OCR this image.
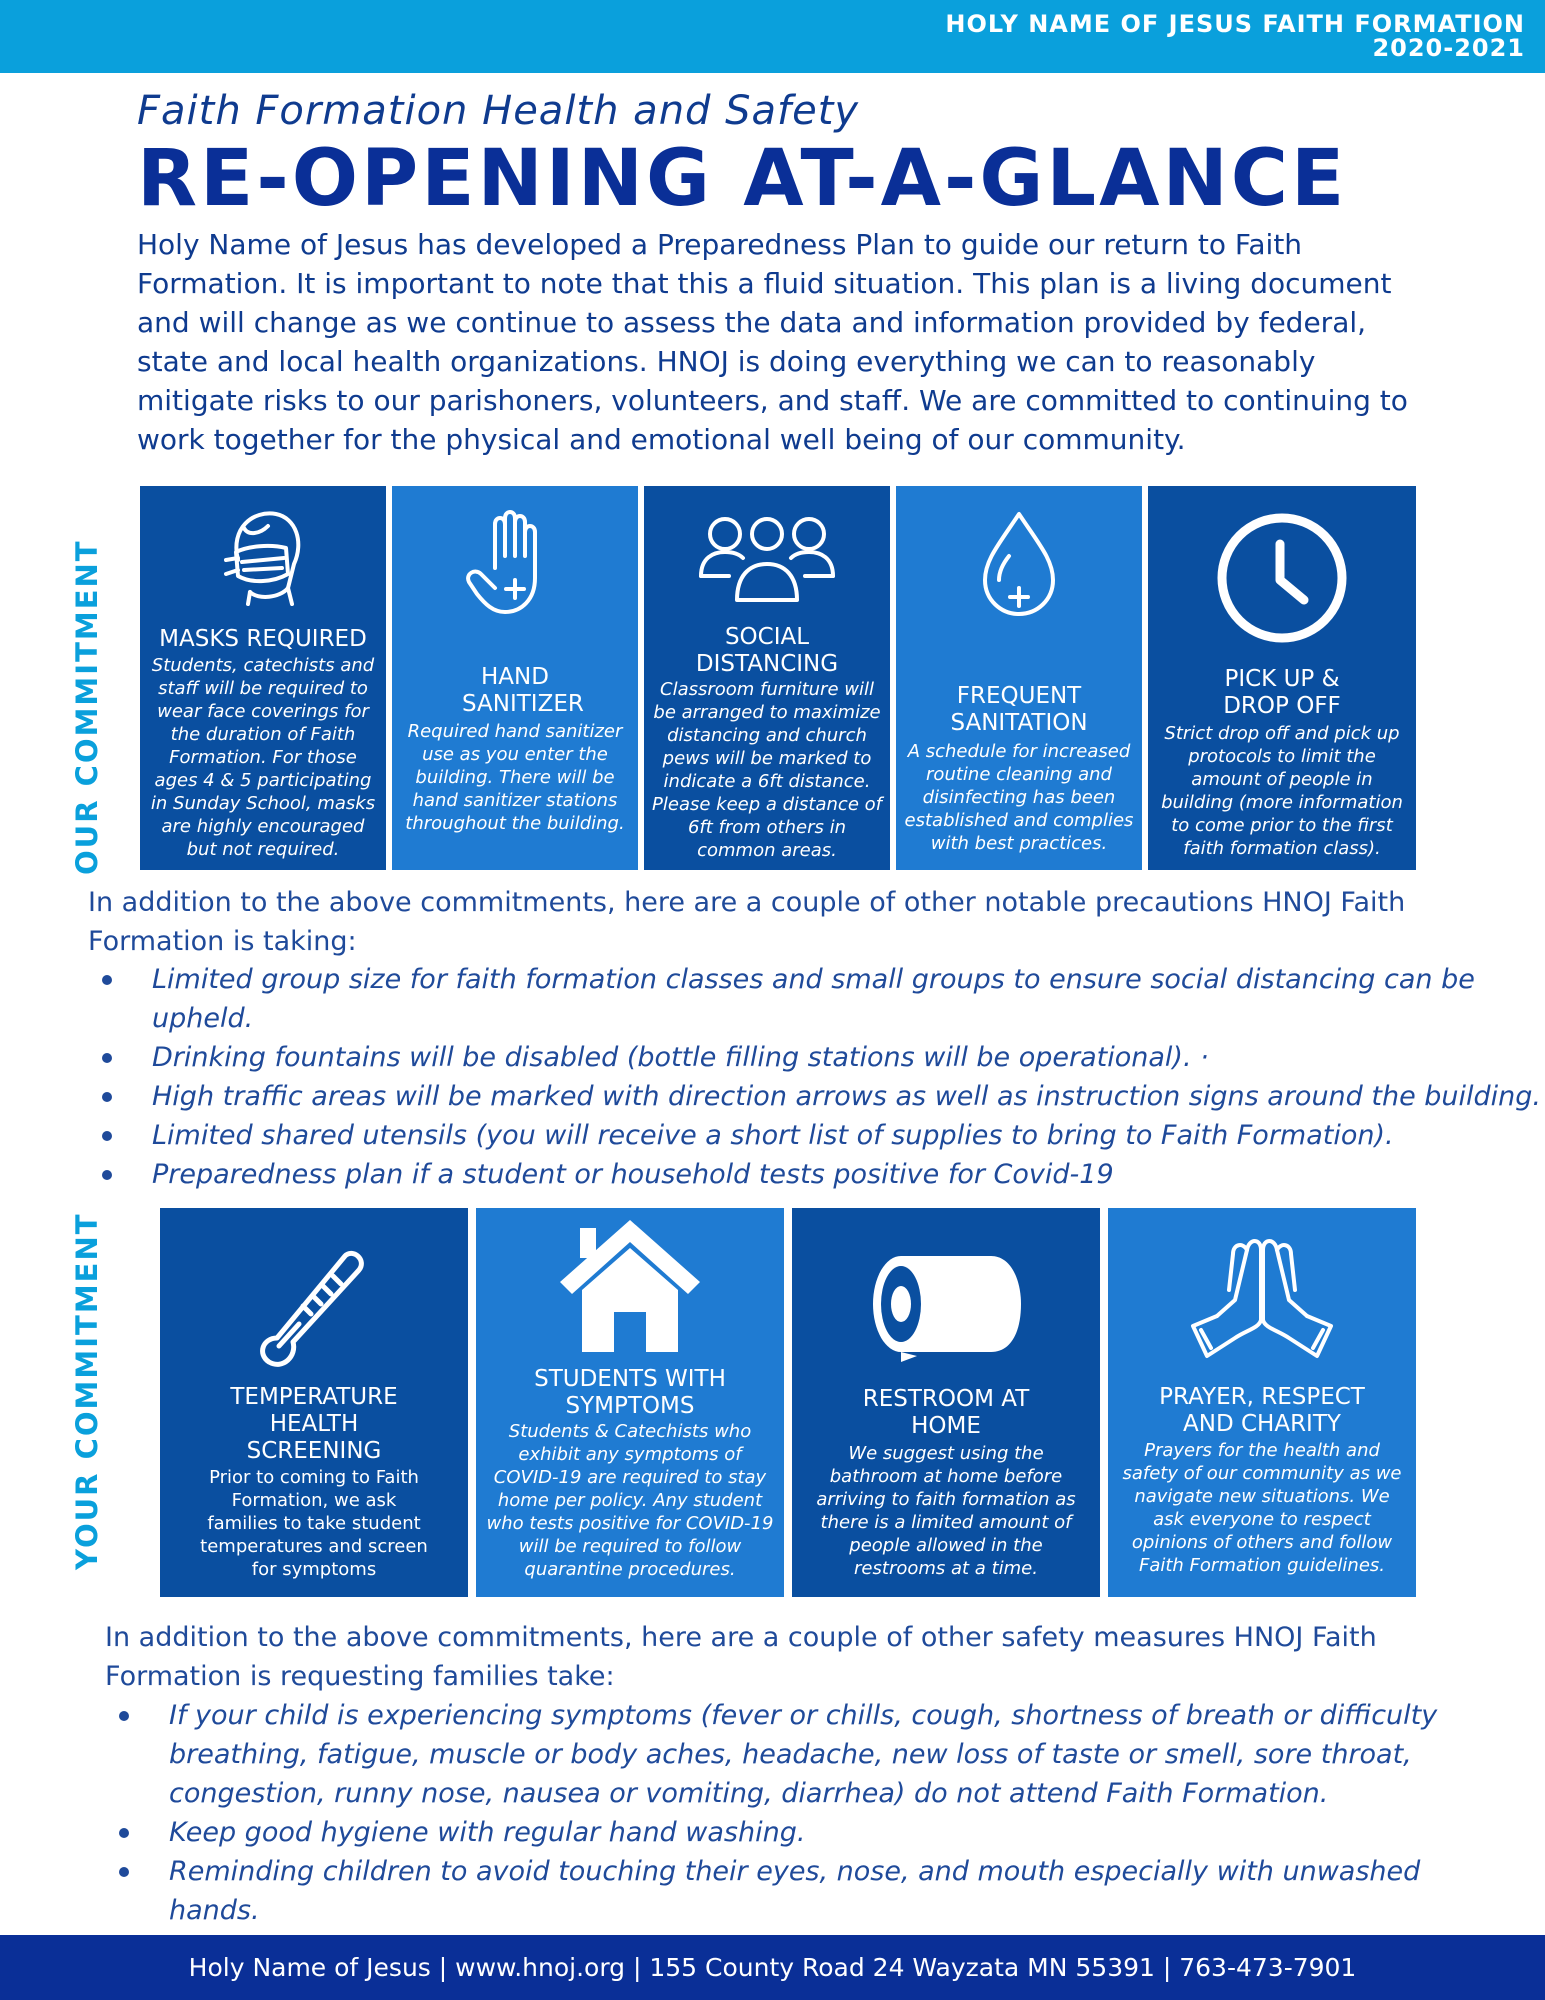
HOLY NAME OF JESUS FAITH FORMATION
2020-2021
Faith Formation Health and Safety
RE-OPENING AT-A-GLANCE
Holy Name of Jesus has developed a Preparedness Plan to guide our return to Faith Formation. It is important to note that this a fluid situation. This plan is a living document and will change as we continue to assess the data and information provided by federal, state and local health organizations. HNOJ is doing everything we can to reasonably mitigate risks to our parishoners, volunteers, and staff. We are committed to continuing to work together for the physical and emotional well being of our community.
OUR COMMITMENT	MASKS REQUIRED
Students, catechists and staff will be required to wear face coverings for the duration of Faith Formation. For those ages 4 & 5 participating in Sunday School, masks are highly encouraged but not required.
HAND SANITIZER
Required hand sanitizer use as you enter the building. There will be hand sanitizer stations throughout the building.
SOCIAL DISTANCING
Classroom furniture will be arranged to maximize distancing and church pews will be marked to indicate a 6ft distance. Please keep a distance of 6ft from others in common areas.
FREQUENT SANITATION
A schedule for increased routine cleaning and disinfecting has been established and complies with best practices.
PICK UP & DROP OFF
Strict drop off and pick up protocols to limit the amount of people in building (more information to come prior to the first faith formation class).
In addition to the above commitments, here are a couple of other notable precautions HNOJ Faith Formation is taking:
Limited group size for faith formation classes and small groups to ensure social distancing can be upheld.
Drinking fountains will be disabled (bottle filling stations will be operational). ·
High traffic areas will be marked with direction arrows as well as instruction signs around the building.
Limited shared utensils (you will receive a short list of supplies to bring to Faith Formation).
Preparedness plan if a student or household tests positive for Covid-19
YOUR COMMITMENT	TEMPERATURE HEALTH SCREENING
Prior to coming to Faith Formation, we ask families to take student temperatures and screen for symptoms
STUDENTS WITH SYMPTOMS
Students & Catechists who exhibit any symptoms of COVID-19 are required to stay home per policy. Any student who tests positive for COVID-19 will be required to follow quarantine procedures.
RESTROOM AT HOME
We suggest using the bathroom at home before arriving to faith formation as there is a limited amount of people allowed in the restrooms at a time.
PRAYER, RESPECT AND CHARITY
Prayers for the health and safety of our community as we navigate new situations. We ask everyone to respect opinions of others and follow Faith Formation guidelines.
In addition to the above commitments, here are a couple of other safety measures HNOJ Faith Formation is requesting families take:
If your child is experiencing symptoms (fever or chills, cough, shortness of breath or difficulty breathing, fatigue, muscle or body aches, headache, new loss of taste or smell, sore throat, congestion, runny nose, nausea or vomiting, diarrhea) do not attend Faith Formation.
Keep good hygiene with regular hand washing.
Reminding children to avoid touching their eyes, nose, and mouth especially with unwashed hands.
Holy Name of Jesus | www.hnoj.org | 155 County Road 24 Wayzata MN 55391 | 763-473-7901
